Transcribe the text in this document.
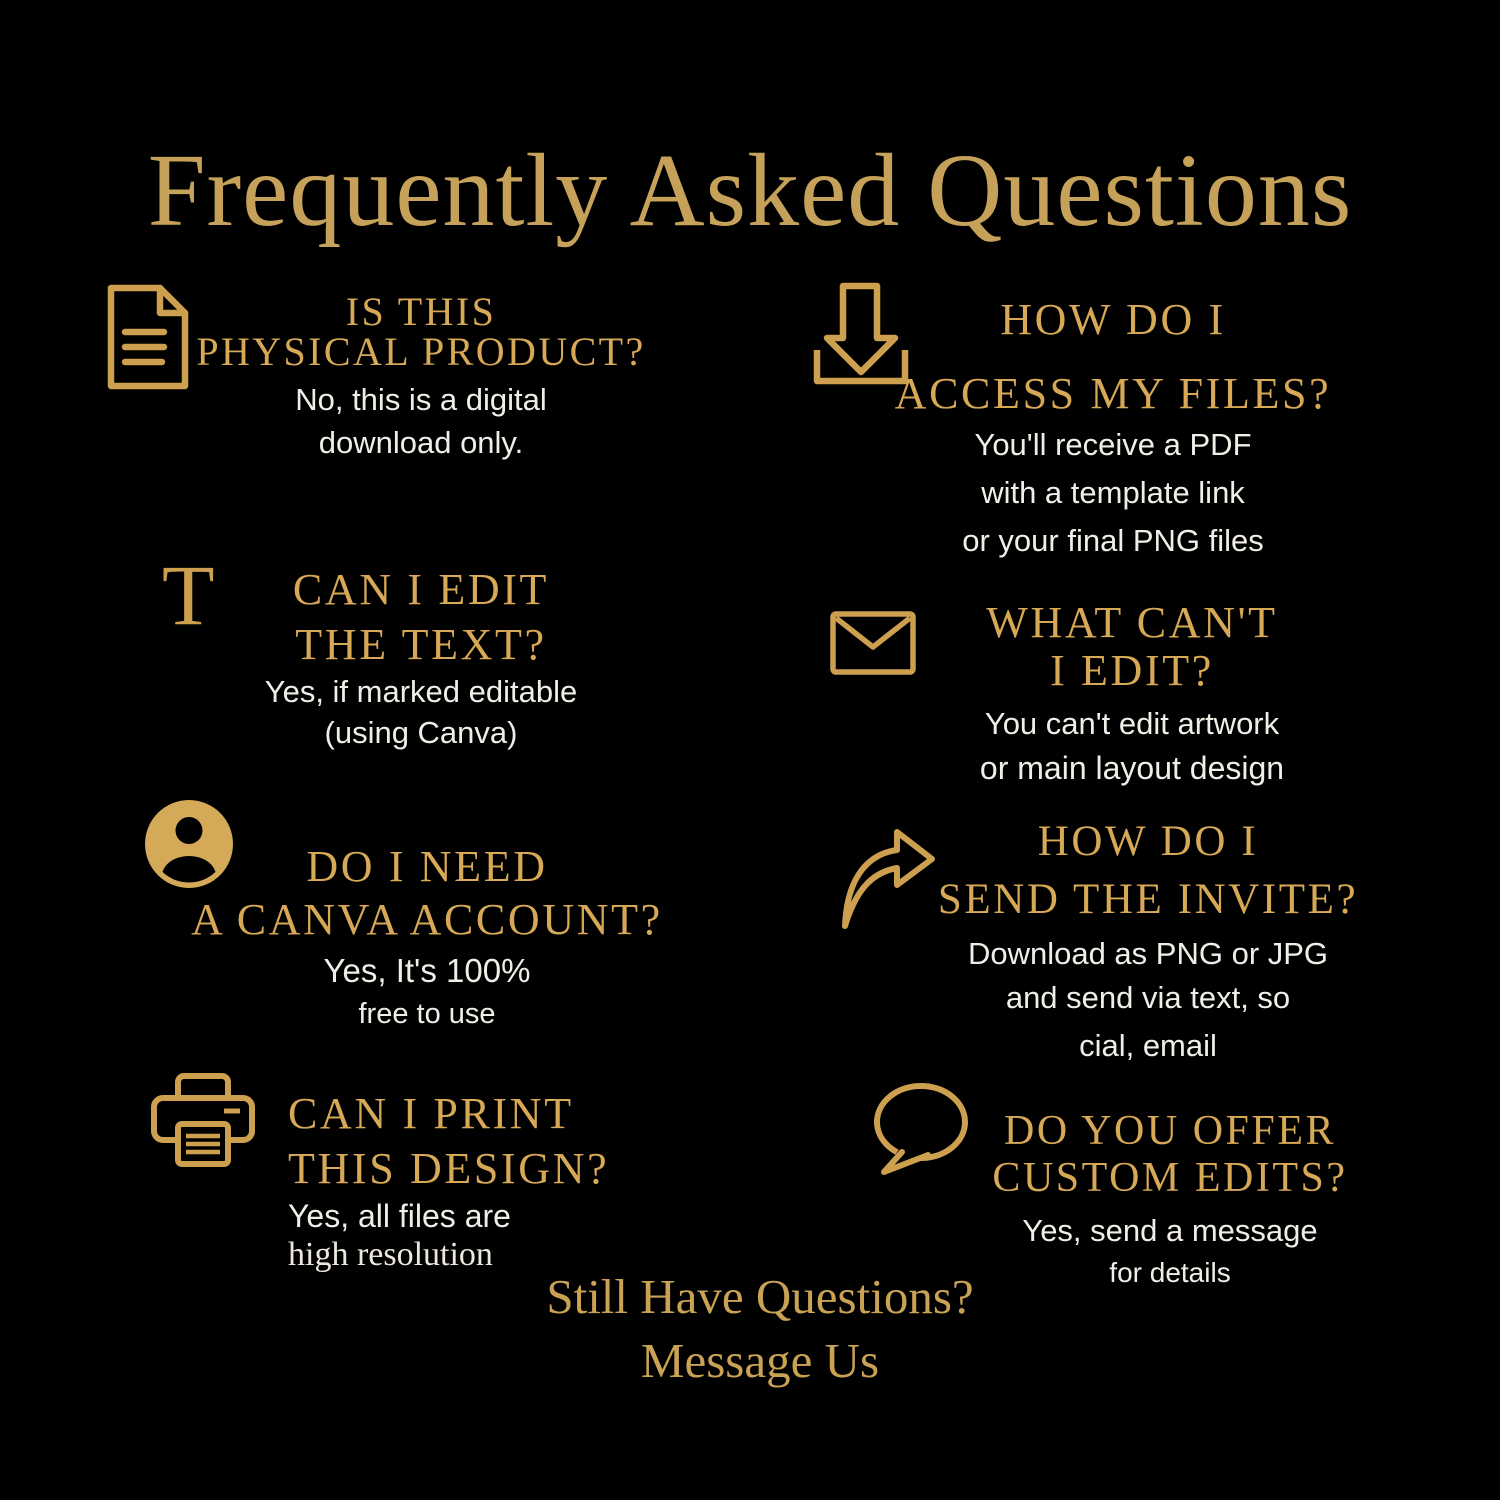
Frequently Asked Questions
IS THIS
PHYSICAL PRODUCT?
No, this is a digital
download only.
T	CAN I EDIT
THE TEXT?
Yes, if marked editable
(using Canva)
DO I NEED
A CANVA ACCOUNT?
Yes, It's 100%
free to use
CAN I PRINT
THIS DESIGN?
Yes, all files are
high resolution
HOW DO I
ACCESS MY FILES?
You'll receive a PDF
with a template link
or your final PNG files
WHAT CAN'T
I EDIT?
You can't edit artwork
or main layout design
HOW DO I
SEND THE INVITE?
Download as PNG or JPG
and send via text, so
cial, email
DO YOU OFFER
CUSTOM EDITS?
Yes, send a message
for details
Still Have Questions?
Message Us
